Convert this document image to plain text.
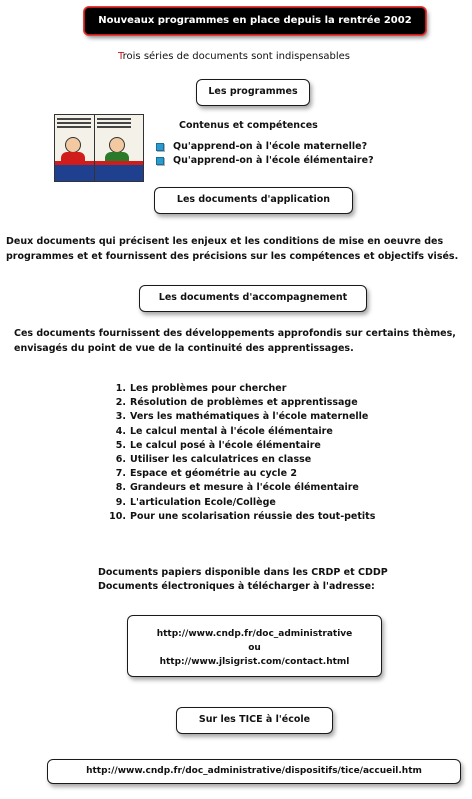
Nouveaux programmes en place depuis la rentrée 2002
Trois séries de documents sont indispensables
Les programmes
Contenus et compétences
Qu'apprend-on à l'école maternelle?
Qu'apprend-on à l'école élémentaire?
Les documents d'application
Deux documents qui précisent les enjeux et les conditions de mise en oeuvre des programmes et et fournissent des précisions sur les compétences et objectifs visés.
Les documents d'accompagnement
Ces documents fournissent des développements approfondis sur certains thèmes, envisagés du point de vue de la continuité des apprentissages.
1. Les problèmes pour chercher
2. Résolution de problèmes et apprentissage
3. Vers les mathématiques à l'école maternelle
4. Le calcul mental à l'école élémentaire
5. Le calcul posé à l'école élémentaire
6. Utiliser les calculatrices en classe
7. Espace et géométrie au cycle 2
8. Grandeurs et mesure à l'école élémentaire
9. L'articulation Ecole/Collège
10. Pour une scolarisation réussie des tout-petits
Documents papiers disponible dans les CRDP et CDDP
Documents électroniques à télécharger à l'adresse:
http://www.cndp.fr/doc_administrative
ou
http://www.jlsigrist.com/contact.html
Sur les TICE à l'école
http://www.cndp.fr/doc_administrative/dispositifs/tice/accueil.htm
